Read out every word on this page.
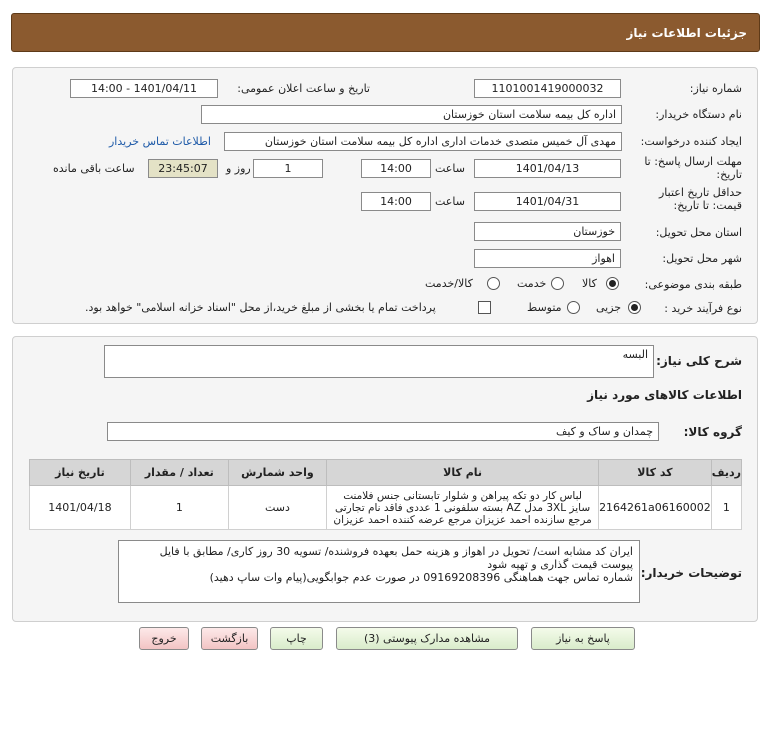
جزئیات اطلاعات نیاز
شماره نیاز:
1101001419000032
تاریخ و ساعت اعلان عمومی:
1401/04/11 - 14:00
نام دستگاه خریدار:
اداره کل بیمه سلامت استان خوزستان
ایجاد کننده درخواست:
مهدی آل خمیس متصدی خدمات اداری اداره کل بیمه سلامت استان خوزستان
اطلاعات تماس خریدار
مهلت ارسال پاسخ: تا
تاریخ:
1401/04/13
ساعت
14:00
1
روز و
23:45:07
ساعت باقی مانده
حداقل تاریخ اعتبار
قیمت: تا تاریخ:
1401/04/31
ساعت
14:00
استان محل تحویل:
خوزستان
شهر محل تحویل:
اهواز
طبقه بندی موضوعی:
کالا
خدمت
کالا/خدمت
نوع فرآیند خرید :
جزیی
متوسط
پرداخت تمام یا بخشی از مبلغ خرید،از محل "اسناد خزانه اسلامی" خواهد بود.
شرح کلی نیاز:
البسه
اطلاعات کالاهای مورد نیاز
گروه کالا:
چمدان و ساک و کیف
ردیف	کد کالا	نام کالا	واحد شمارش	تعداد / مقدار	تاریخ نیاز
1	2164261a06160002	لباس کار دو تکه پیراهن و شلوار تابستانی جنس فلامنت سایز 3XL مدل AZ بسته سلفونی 1 عددی فاقد نام تجارتی مرجع سازنده احمد عزیزان مرجع عرضه کننده احمد عزیزان	دست	1	1401/04/18
توضیحات خریدار:
ایران کد مشابه است/ تحویل در اهواز و هزینه حمل بعهده فروشنده/ تسویه 30 روز کاری/ مطابق با فایل پیوست قیمت گذاری و تهیه شود
شماره تماس جهت هماهنگی 09169208396 در صورت عدم جوابگویی(پیام وات ساپ دهید)
پاسخ به نیاز
مشاهده مدارک پیوستی (3)
چاپ
بازگشت
خروج
